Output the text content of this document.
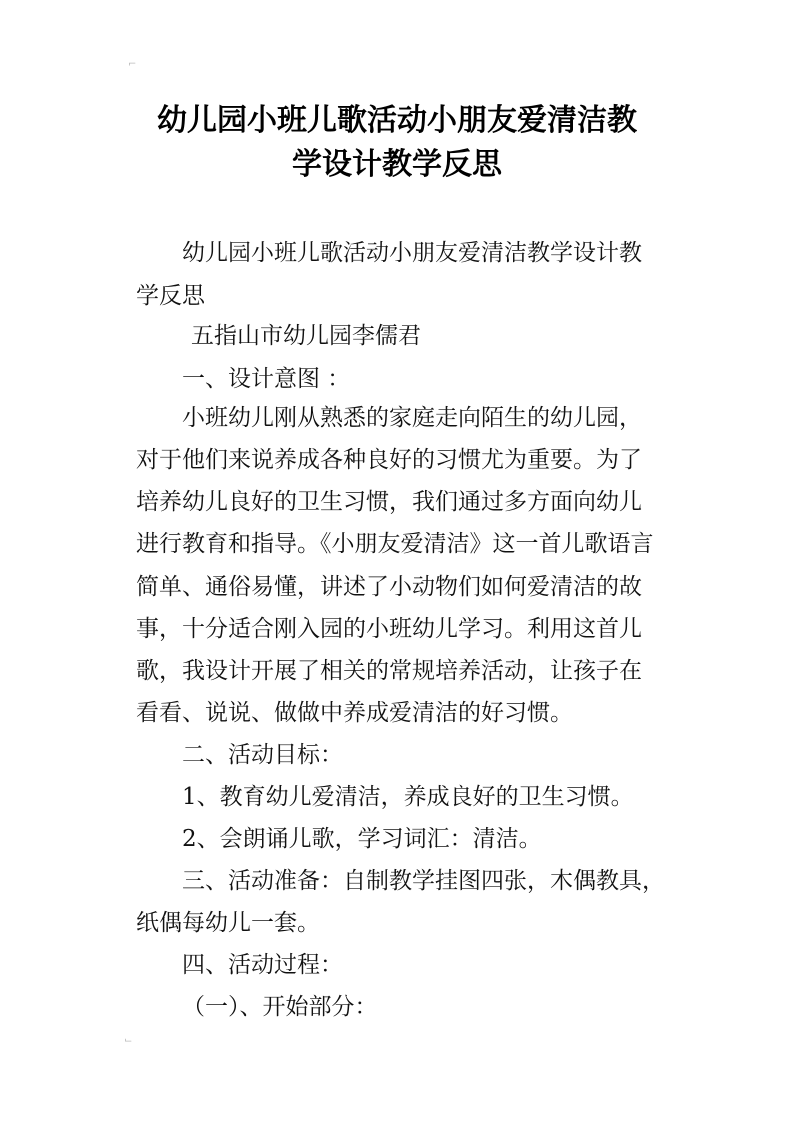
⌐
幼儿园小班儿歌活动小朋友爱清洁教
学设计教学反思
幼儿园小班儿歌活动小朋友爱清洁教学设计教
学反思
五指山市幼儿园李儒君
一、设计意图 ：
小班幼儿刚从熟悉的家庭走向陌生的幼儿园，
对于他们来说养成各种良好的习惯尤为重要。为了
培养幼儿良好的卫生习惯，我们通过多方面向幼儿
进行教育和指导。《小朋友爱清洁》这一首儿歌语言
简单、通俗易懂，讲述了小动物们如何爱清洁的故
事，十分适合刚入园的小班幼儿学习。利用这首儿
歌，我设计开展了相关的常规培养活动，让孩子在
看看、说说、做做中养成爱清洁的好习惯。
二、活动目标：
1、教育幼儿爱清洁，养成良好的卫生习惯。
2、会朗诵儿歌，学习词汇：清洁。
三、活动准备：自制教学挂图四张，木偶教具，
纸偶每幼儿一套。
四、活动过程：
（一）、开始部分：
⌙
